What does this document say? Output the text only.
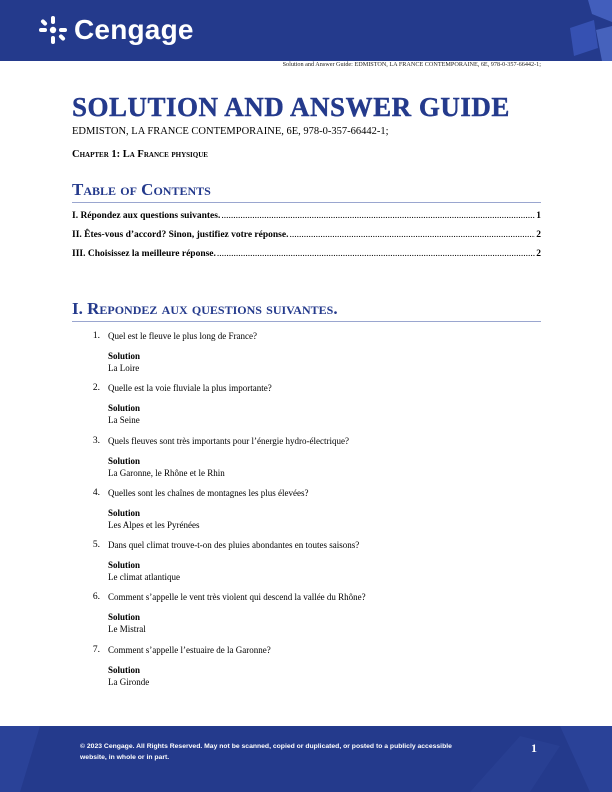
Cengage
Solution and Answer Guide: EDMISTON, LA FRANCE CONTEMPORAINE, 6E, 978-0-357-66442-1;
SOLUTION AND ANSWER GUIDE
EDMISTON, LA FRANCE CONTEMPORAINE, 6E, 978-0-357-66442-1;
Chapter 1: La France physique
Table of Contents
I. Répondez aux questions suivantes. .....	1
II. Êtes-vous d’accord? Sinon, justifiez votre réponse. .....	2
III. Choisissez la meilleure réponse. .....	2
I. Repondez aux questions suivantes.
1. Quel est le fleuve le plus long de France?
Solution
La Loire
2. Quelle est la voie fluviale la plus importante?
Solution
La Seine
3. Quels fleuves sont très importants pour l’énergie hydro-électrique?
Solution
La Garonne, le Rhône et le Rhin
4. Quelles sont les chaînes de montagnes les plus élevées?
Solution
Les Alpes et les Pyrénées
5. Dans quel climat trouve-t-on des pluies abondantes en toutes saisons?
Solution
Le climat atlantique
6. Comment s’appelle le vent très violent qui descend la vallée du Rhône?
Solution
Le Mistral
7. Comment s’appelle l’estuaire de la Garonne?
Solution
La Gironde
© 2023 Cengage. All Rights Reserved. May not be scanned, copied or duplicated, or posted to a publicly accessible website, in whole or in part.
1
